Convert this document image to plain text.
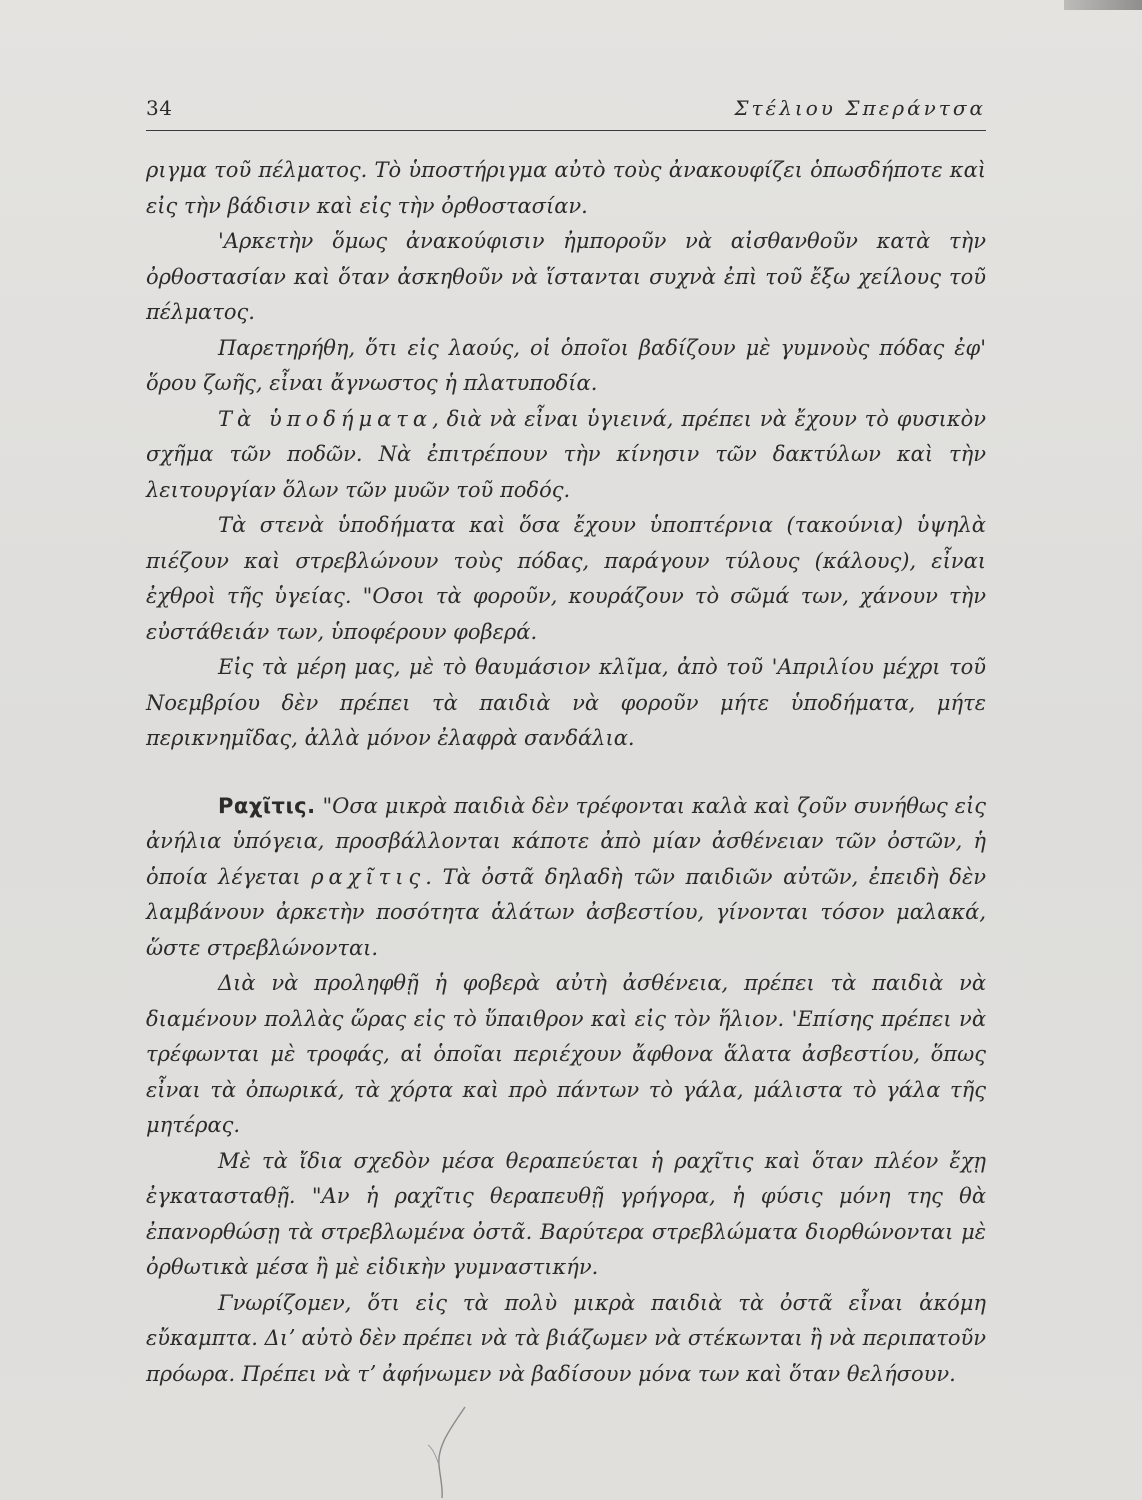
34	Στέλιου Σπεράντσα

ριγμα τοῦ πέλματος. Τὸ ὑποστήριγμα αὐτὸ τοὺς ἀνακουφίζει ὁπωσδήποτε καὶ εἰς τὴν βάδισιν καὶ εἰς τὴν ὀρθοστασίαν.

'Αρκετὴν ὅμως ἀνακούφισιν ἠμποροῦν νὰ αἰσθανθοῦν κατὰ τὴν ὀρθοστασίαν καὶ ὅταν ἀσκηθοῦν νὰ ἵστανται συχνὰ ἐπὶ τοῦ ἔξω χείλους τοῦ πέλματος.

Παρετηρήθη, ὅτι εἰς λαούς, οἱ ὁποῖοι βαδίζουν μὲ γυμνοὺς πόδας ἐφ' ὅρου ζωῆς, εἶναι ἄγνωστος ἡ πλατυποδία.

Τὰ ὑποδήματα, διὰ νὰ εἶναι ὑγιεινά, πρέπει νὰ ἔχουν τὸ φυσικὸν σχῆμα τῶν ποδῶν. Νὰ ἐπιτρέπουν τὴν κίνησιν τῶν δακτύλων καὶ τὴν λειτουργίαν ὅλων τῶν μυῶν τοῦ ποδός.

Τὰ στενὰ ὑποδήματα καὶ ὅσα ἔχουν ὑποπτέρνια (τακούνια) ὑψηλὰ πιέζουν καὶ στρεβλώνουν τοὺς πόδας, παράγουν τύλους (κάλους), εἶναι ἐχθροὶ τῆς ὑγείας. "Οσοι τὰ φοροῦν, κουράζουν τὸ σῶμά των, χάνουν τὴν εὐστάθειάν των, ὑποφέρουν φοβερά.

Εἰς τὰ μέρη μας, μὲ τὸ θαυμάσιον κλῖμα, ἀπὸ τοῦ 'Απριλίου μέχρι τοῦ Νοεμβρίου δὲν πρέπει τὰ παιδιὰ νὰ φοροῦν μήτε ὑποδήματα, μήτε περικνημῖδας, ἀλλὰ μόνον ἐλαφρὰ σανδάλια.

Ραχῖτις. "Οσα μικρὰ παιδιὰ δὲν τρέφονται καλὰ καὶ ζοῦν συνήθως εἰς ἀνήλια ὑπόγεια, προσβάλλονται κάποτε ἀπὸ μίαν ἀσθένειαν τῶν ὀστῶν, ἡ ὁποία λέγεται ραχῖτις. Τὰ ὀστᾶ δηλαδὴ τῶν παιδιῶν αὐτῶν, ἐπειδὴ δὲν λαμβάνουν ἀρκετὴν ποσότητα ἁλάτων ἀσβεστίου, γίνονται τόσον μαλακά, ὥστε στρεβλώνονται.

Διὰ νὰ προληφθῇ ἡ φοβερὰ αὐτὴ ἀσθένεια, πρέπει τὰ παιδιὰ νὰ διαμένουν πολλὰς ὥρας εἰς τὸ ὕπαιθρον καὶ εἰς τὸν ἥλιον. 'Επίσης πρέπει νὰ τρέφωνται μὲ τροφάς, αἱ ὁποῖαι περιέχουν ἄφθονα ἅλατα ἀσβεστίου, ὅπως εἶναι τὰ ὀπωρικά, τὰ χόρτα καὶ πρὸ πάντων τὸ γάλα, μάλιστα τὸ γάλα τῆς μητέρας.

Μὲ τὰ ἴδια σχεδὸν μέσα θεραπεύεται ἡ ραχῖτις καὶ ὅταν πλέον ἔχῃ ἐγκατασταθῇ. "Αν ἡ ραχῖτις θεραπευθῇ γρήγορα, ἡ φύσις μόνη της θὰ ἐπανορθώσῃ τὰ στρεβλωμένα ὀστᾶ. Βαρύτερα στρεβλώματα διορθώνονται μὲ ὀρθωτικὰ μέσα ἢ μὲ εἰδικὴν γυμναστικήν.

Γνωρίζομεν, ὅτι εἰς τὰ πολὺ μικρὰ παιδιὰ τὰ ὀστᾶ εἶναι ἀκόμη εὔκαμπτα. Διʼ αὐτὸ δὲν πρέπει νὰ τὰ βιάζωμεν νὰ στέκωνται ἢ νὰ περιπατοῦν πρόωρα. Πρέπει νὰ τʼ ἀφήνωμεν νὰ βαδίσουν μόνα των καὶ ὅταν θελήσουν.
